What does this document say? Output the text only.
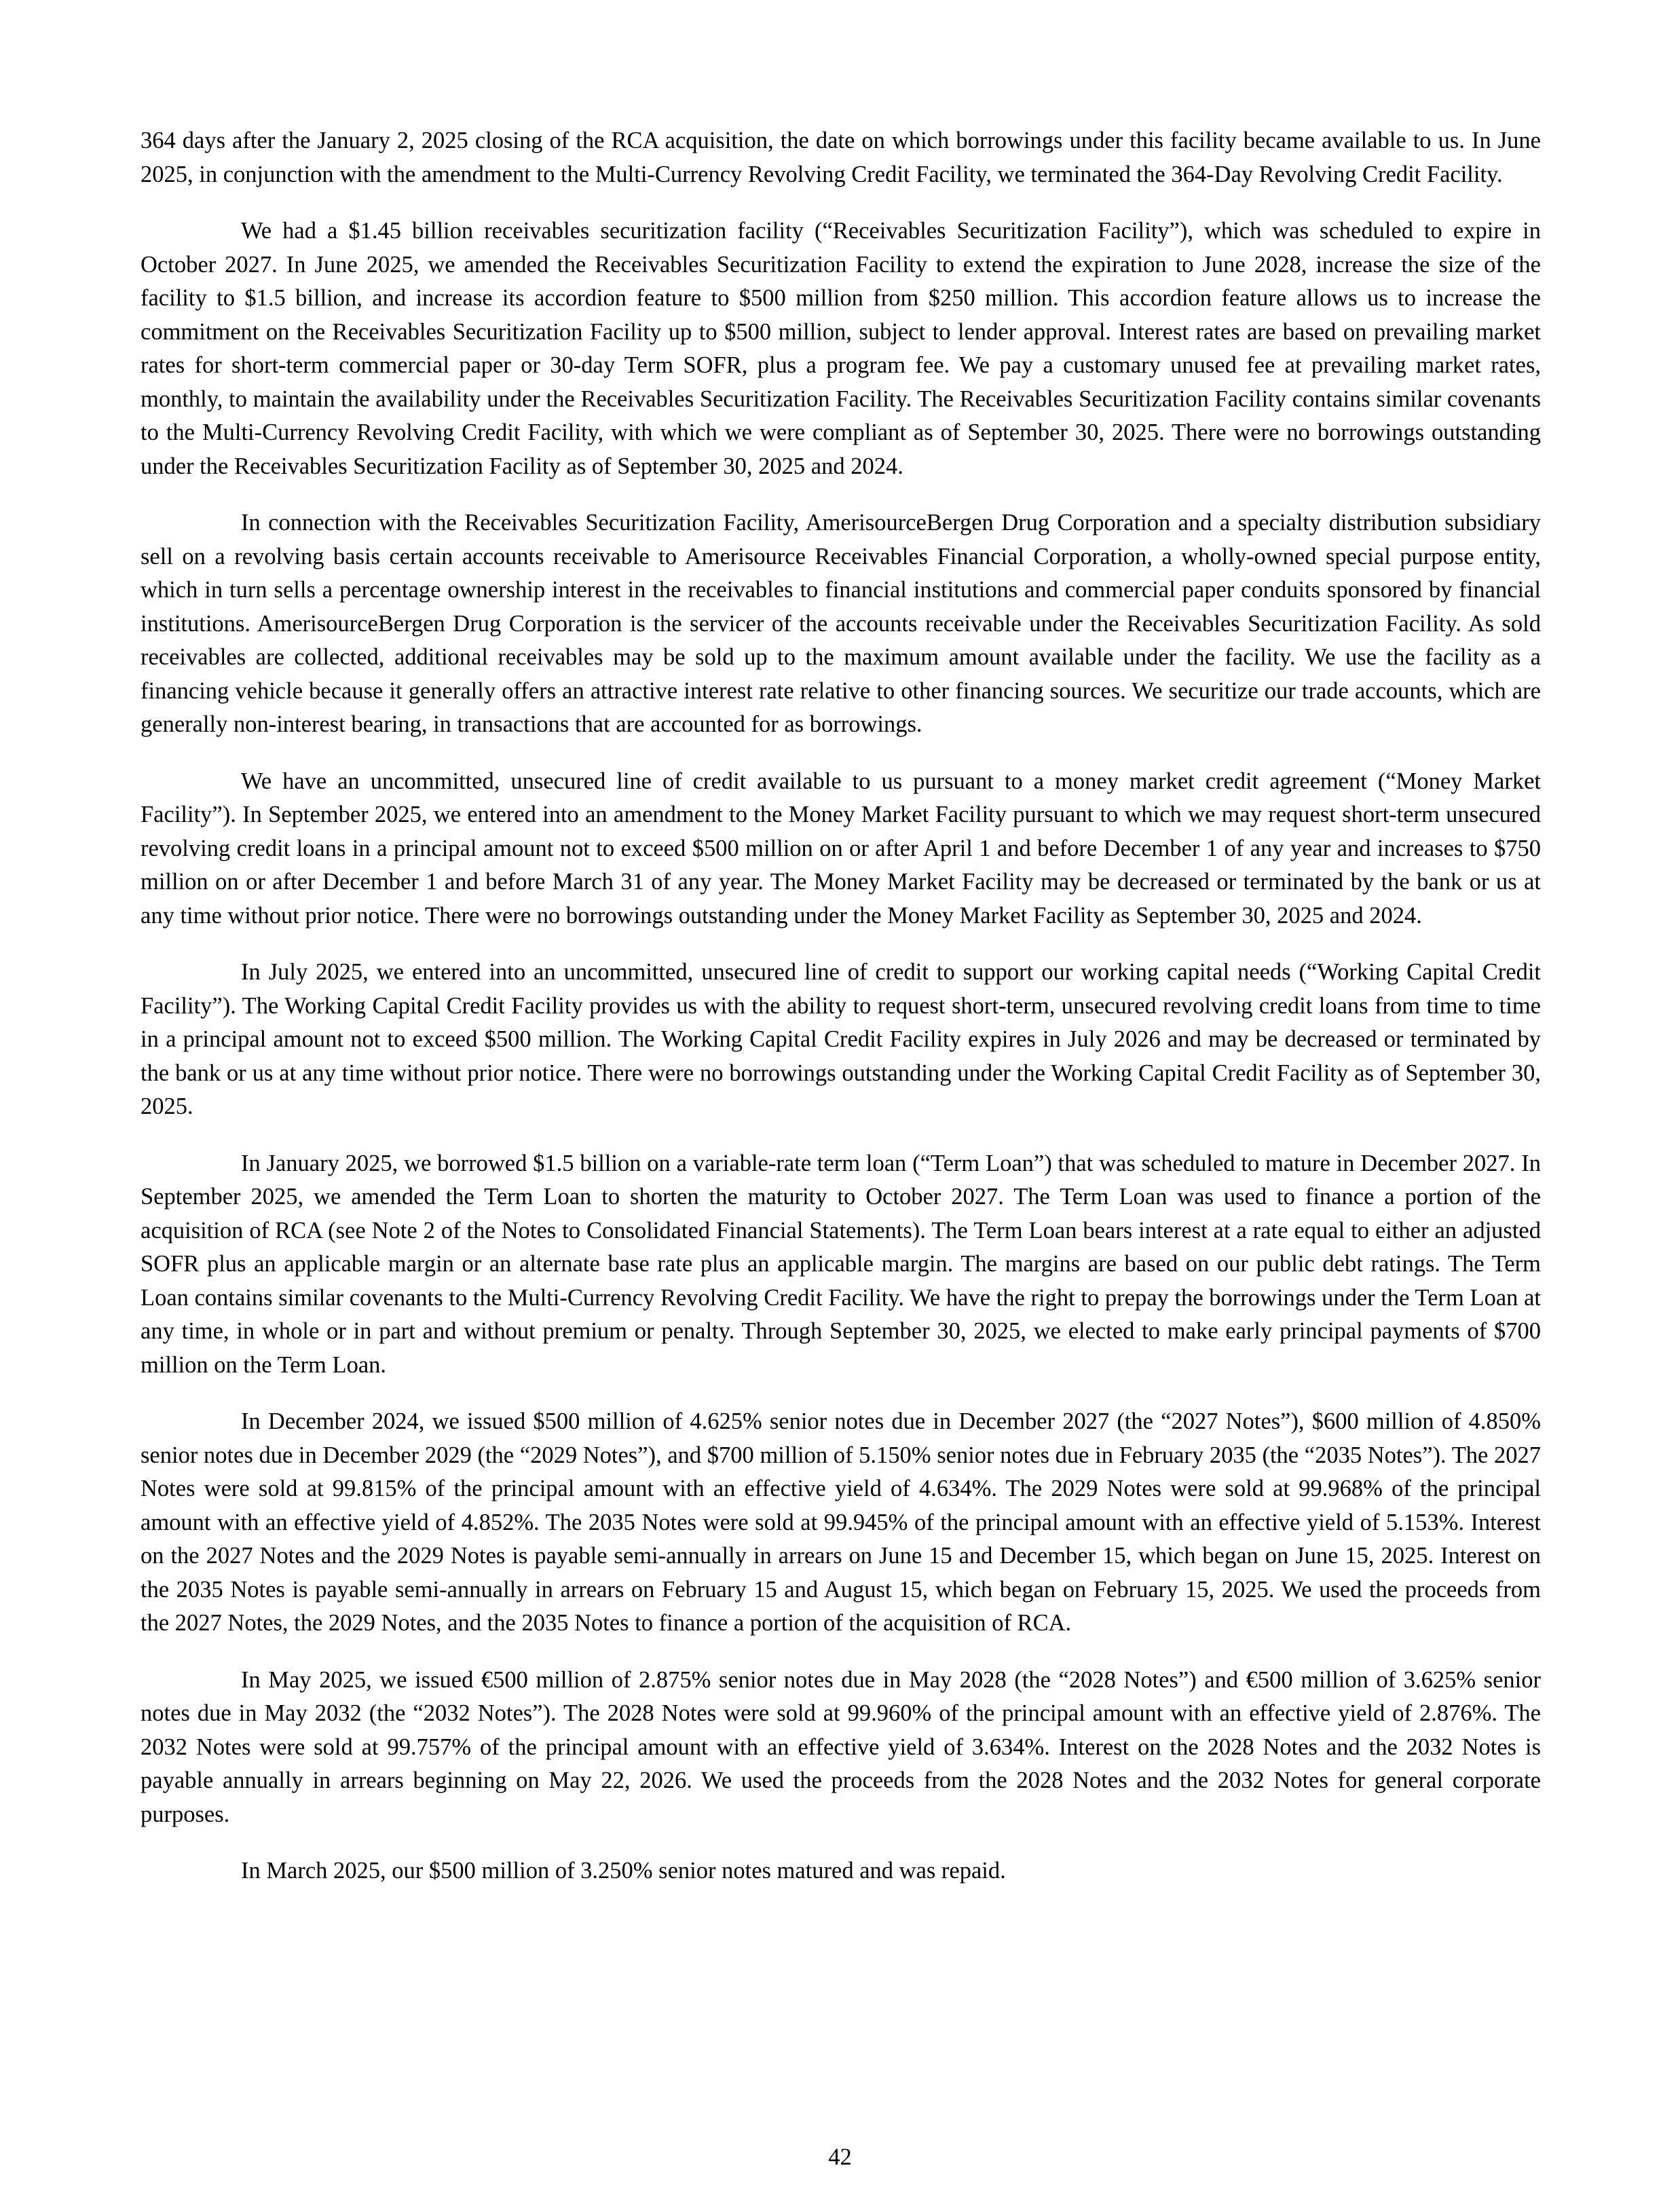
364 days after the January 2, 2025 closing of the RCA acquisition, the date on which borrowings under this facility became available to us. In June 2025, in conjunction with the amendment to the Multi-Currency Revolving Credit Facility, we terminated the 364-Day Revolving Credit Facility.

We had a $1.45 billion receivables securitization facility (“Receivables Securitization Facility”), which was scheduled to expire in October 2027. In June 2025, we amended the Receivables Securitization Facility to extend the expiration to June 2028, increase the size of the facility to $1.5 billion, and increase its accordion feature to $500 million from $250 million. This accordion feature allows us to increase the commitment on the Receivables Securitization Facility up to $500 million, subject to lender approval. Interest rates are based on prevailing market rates for short-term commercial paper or 30-day Term SOFR, plus a program fee. We pay a customary unused fee at prevailing market rates, monthly, to maintain the availability under the Receivables Securitization Facility. The Receivables Securitization Facility contains similar covenants to the Multi-Currency Revolving Credit Facility, with which we were compliant as of September 30, 2025. There were no borrowings outstanding under the Receivables Securitization Facility as of September 30, 2025 and 2024.

In connection with the Receivables Securitization Facility, AmerisourceBergen Drug Corporation and a specialty distribution subsidiary sell on a revolving basis certain accounts receivable to Amerisource Receivables Financial Corporation, a wholly-owned special purpose entity, which in turn sells a percentage ownership interest in the receivables to financial institutions and commercial paper conduits sponsored by financial institutions. AmerisourceBergen Drug Corporation is the servicer of the accounts receivable under the Receivables Securitization Facility. As sold receivables are collected, additional receivables may be sold up to the maximum amount available under the facility. We use the facility as a financing vehicle because it generally offers an attractive interest rate relative to other financing sources. We securitize our trade accounts, which are generally non-interest bearing, in transactions that are accounted for as borrowings.

We have an uncommitted, unsecured line of credit available to us pursuant to a money market credit agreement (“Money Market Facility”). In September 2025, we entered into an amendment to the Money Market Facility pursuant to which we may request short-term unsecured revolving credit loans in a principal amount not to exceed $500 million on or after April 1 and before December 1 of any year and increases to $750 million on or after December 1 and before March 31 of any year. The Money Market Facility may be decreased or terminated by the bank or us at any time without prior notice. There were no borrowings outstanding under the Money Market Facility as September 30, 2025 and 2024.

In July 2025, we entered into an uncommitted, unsecured line of credit to support our working capital needs (“Working Capital Credit Facility”). The Working Capital Credit Facility provides us with the ability to request short-term, unsecured revolving credit loans from time to time in a principal amount not to exceed $500 million. The Working Capital Credit Facility expires in July 2026 and may be decreased or terminated by the bank or us at any time without prior notice. There were no borrowings outstanding under the Working Capital Credit Facility as of September 30, 2025.

In January 2025, we borrowed $1.5 billion on a variable-rate term loan (“Term Loan”) that was scheduled to mature in December 2027. In September 2025, we amended the Term Loan to shorten the maturity to October 2027. The Term Loan was used to finance a portion of the acquisition of RCA (see Note 2 of the Notes to Consolidated Financial Statements). The Term Loan bears interest at a rate equal to either an adjusted SOFR plus an applicable margin or an alternate base rate plus an applicable margin. The margins are based on our public debt ratings. The Term Loan contains similar covenants to the Multi-Currency Revolving Credit Facility. We have the right to prepay the borrowings under the Term Loan at any time, in whole or in part and without premium or penalty. Through September 30, 2025, we elected to make early principal payments of $700 million on the Term Loan.

In December 2024, we issued $500 million of 4.625% senior notes due in December 2027 (the “2027 Notes”), $600 million of 4.850% senior notes due in December 2029 (the “2029 Notes”), and $700 million of 5.150% senior notes due in February 2035 (the “2035 Notes”). The 2027 Notes were sold at 99.815% of the principal amount with an effective yield of 4.634%. The 2029 Notes were sold at 99.968% of the principal amount with an effective yield of 4.852%. The 2035 Notes were sold at 99.945% of the principal amount with an effective yield of 5.153%. Interest on the 2027 Notes and the 2029 Notes is payable semi-annually in arrears on June 15 and December 15, which began on June 15, 2025. Interest on the 2035 Notes is payable semi-annually in arrears on February 15 and August 15, which began on February 15, 2025. We used the proceeds from the 2027 Notes, the 2029 Notes, and the 2035 Notes to finance a portion of the acquisition of RCA.

In May 2025, we issued €500 million of 2.875% senior notes due in May 2028 (the “2028 Notes”) and €500 million of 3.625% senior notes due in May 2032 (the “2032 Notes”). The 2028 Notes were sold at 99.960% of the principal amount with an effective yield of 2.876%. The 2032 Notes were sold at 99.757% of the principal amount with an effective yield of 3.634%. Interest on the 2028 Notes and the 2032 Notes is payable annually in arrears beginning on May 22, 2026. We used the proceeds from the 2028 Notes and the 2032 Notes for general corporate purposes.

In March 2025, our $500 million of 3.250% senior notes matured and was repaid.

42
